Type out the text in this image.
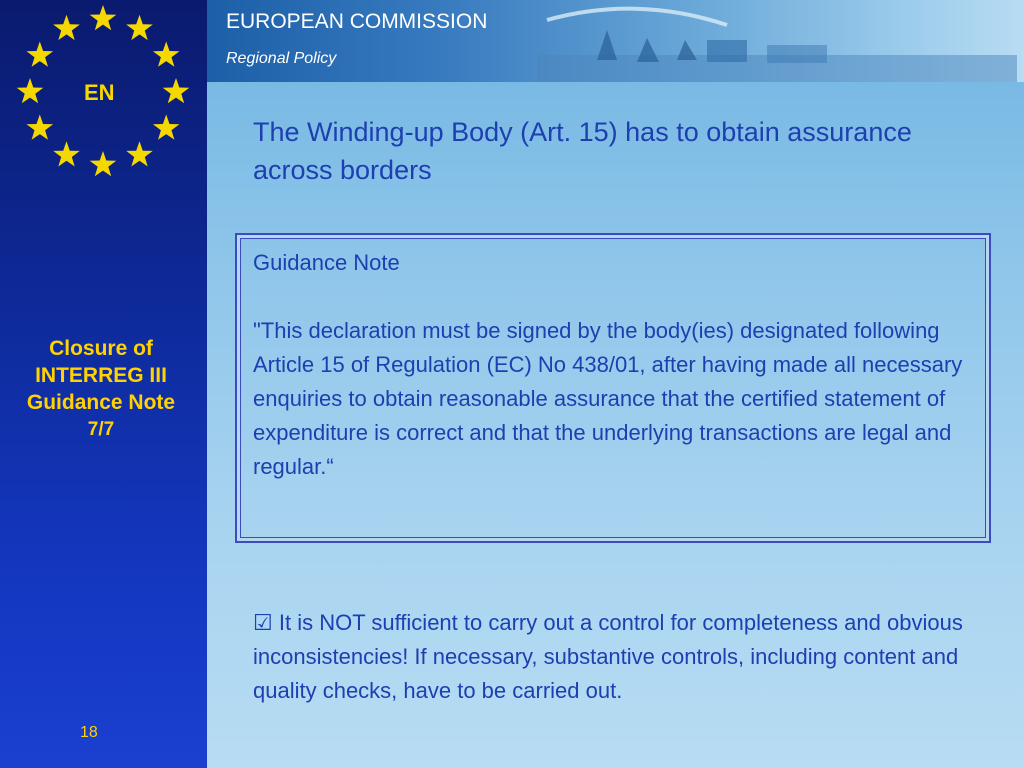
EN
Closure of INTERREG III Guidance Note
7/7
18
EUROPEAN COMMISSION
Regional Policy
The Winding-up Body (Art. 15) has to obtain assurance across borders
Guidance Note
"This declaration must be signed by the body(ies) designated following Article 15 of Regulation (EC) No 438/01, after having made all necessary enquiries to obtain reasonable assurance that the certified statement of expenditure is correct and that the underlying transactions are legal and regular.“
☑ It is NOT sufficient to carry out a control for completeness and obvious inconsistencies! If necessary, substantive controls, including content and quality checks, have to be carried out.
